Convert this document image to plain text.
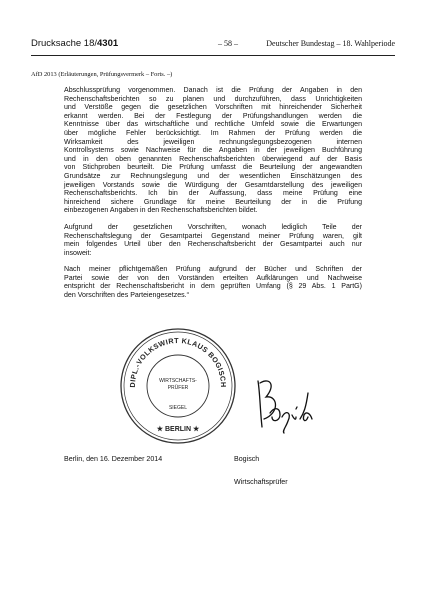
Drucksache 18/4301	– 58 –	Deutscher Bundestag – 18. Wahlperiode
AfD 2013 (Erläuterungen, Prüfungsvermerk – Forts. –)

Abschlussprüfung vorgenommen. Danach ist die Prüfung der Angaben in den
Rechenschaftsberichten so zu planen und durchzuführen, dass Unrichtigkeiten
und Verstöße gegen die gesetzlichen Vorschriften mit hinreichender Sicherheit
erkannt werden. Bei der Festlegung der Prüfungshandlungen werden die
Kenntnisse über das wirtschaftliche und rechtliche Umfeld sowie die Erwartungen
über mögliche Fehler berücksichtigt. Im Rahmen der Prüfung werden die
Wirksamkeit des jeweiligen rechnungslegungsbezogenen internen
Kontrollsystems sowie Nachweise für die Angaben in der jeweiligen Buchführung
und in den oben genannten Rechenschaftsberichten überwiegend auf der Basis
von Stichproben beurteilt. Die Prüfung umfasst die Beurteilung der angewandten
Grundsätze zur Rechnungslegung und der wesentlichen Einschätzungen des
jeweiligen Vorstands sowie die Würdigung der Gesamtdarstellung des jeweiligen
Rechenschaftsberichts. Ich bin der Auffassung, dass meine Prüfung eine
hinreichend sichere Grundlage für meine Beurteilung der in die Prüfung
einbezogenen Angaben in den Rechenschaftsberichten bildet.

Aufgrund der gesetzlichen Vorschriften, wonach lediglich Teile der
Rechenschaftslegung der Gesamtpartei Gegenstand meiner Prüfung waren, gilt
mein folgendes Urteil über den Rechenschaftsbericht der Gesamtpartei auch nur
insoweit:

Nach meiner pflichtgemäßen Prüfung aufgrund der Bücher und Schriften der
Partei sowie der von den Vorständen erteilten Aufklärungen und Nachweise
entspricht der Rechenschaftsbericht in dem geprüften Umfang (§ 29 Abs. 1 PartG)
den Vorschriften des Parteiengesetzes.“

DIPL.-VOLKSWIRT KLAUS BOGISCH
★ BERLIN ★
WIRTSCHAFTS-
PRÜFER
SIEGEL
Berlin, den 16. Dezember 2014	Bogisch
Wirtschaftsprüfer
